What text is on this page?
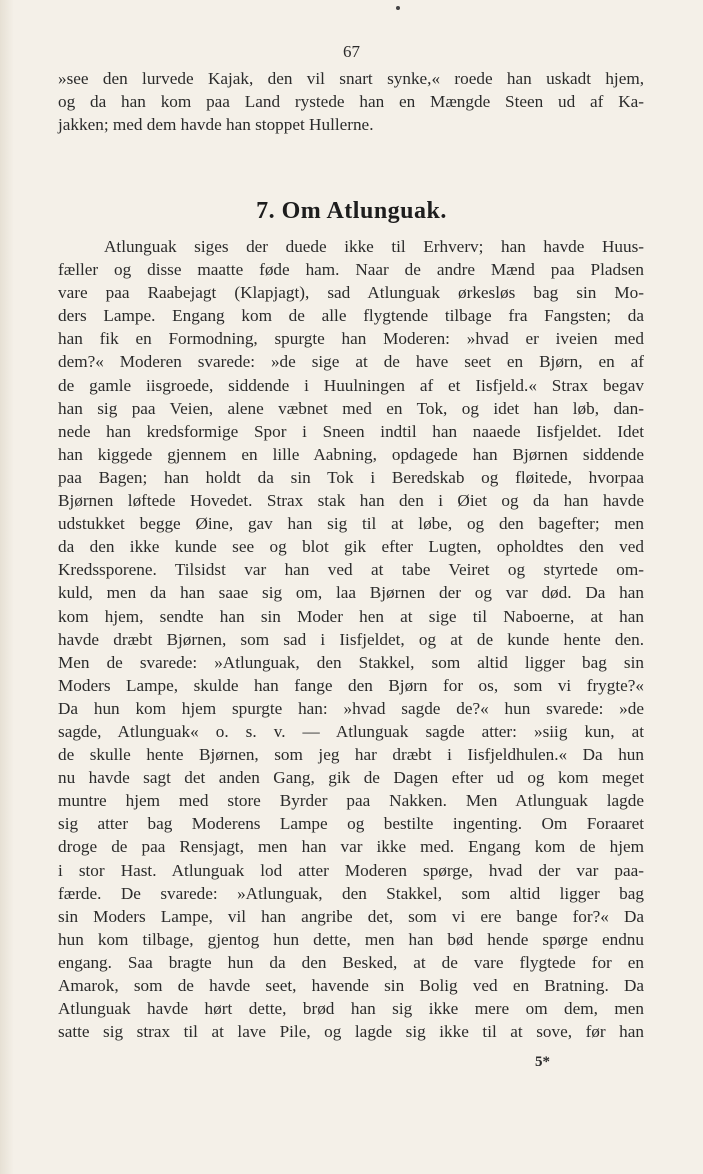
67
»see den lurvede Kajak, den vil snart synke,« roede han uskadt hjem,
og da han kom paa Land rystede han en Mængde Steen ud af Ka-
jakken; med dem havde han stoppet Hullerne.
7. Om Atlunguak.
Atlunguak siges der duede ikke til Erhverv; han havde Huus-
fæller og disse maatte føde ham. Naar de andre Mænd paa Pladsen
vare paa Raabejagt (Klapjagt), sad Atlunguak ørkesløs bag sin Mo-
ders Lampe. Engang kom de alle flygtende tilbage fra Fangsten; da
han fik en Formodning, spurgte han Moderen: »hvad er iveien med
dem?« Moderen svarede: »de sige at de have seet en Bjørn, en af
de gamle iisgroede, siddende i Huulningen af et Iisfjeld.« Strax begav
han sig paa Veien, alene væbnet med en Tok, og idet han løb, dan-
nede han kredsformige Spor i Sneen indtil han naaede Iisfjeldet. Idet
han kiggede gjennem en lille Aabning, opdagede han Bjørnen siddende
paa Bagen; han holdt da sin Tok i Beredskab og fløitede, hvorpaa
Bjørnen løftede Hovedet. Strax stak han den i Øiet og da han havde
udstukket begge Øine, gav han sig til at løbe, og den bagefter; men
da den ikke kunde see og blot gik efter Lugten, opholdtes den ved
Kredssporene. Tilsidst var han ved at tabe Veiret og styrtede om-
kuld, men da han saae sig om, laa Bjørnen der og var død. Da han
kom hjem, sendte han sin Moder hen at sige til Naboerne, at han
havde dræbt Bjørnen, som sad i Iisfjeldet, og at de kunde hente den.
Men de svarede: »Atlunguak, den Stakkel, som altid ligger bag sin
Moders Lampe, skulde han fange den Bjørn for os, som vi frygte?«
Da hun kom hjem spurgte han: »hvad sagde de?« hun svarede: »de
sagde, Atlunguak« o. s. v. — Atlunguak sagde atter: »siig kun, at
de skulle hente Bjørnen, som jeg har dræbt i Iisfjeldhulen.« Da hun
nu havde sagt det anden Gang, gik de Dagen efter ud og kom meget
muntre hjem med store Byrder paa Nakken. Men Atlunguak lagde
sig atter bag Moderens Lampe og bestilte ingenting. Om Foraaret
droge de paa Rensjagt, men han var ikke med. Engang kom de hjem
i stor Hast. Atlunguak lod atter Moderen spørge, hvad der var paa-
færde. De svarede: »Atlunguak, den Stakkel, som altid ligger bag
sin Moders Lampe, vil han angribe det, som vi ere bange for?« Da
hun kom tilbage, gjentog hun dette, men han bød hende spørge endnu
engang. Saa bragte hun da den Besked, at de vare flygtede for en
Amarok, som de havde seet, havende sin Bolig ved en Bratning. Da
Atlunguak havde hørt dette, brød han sig ikke mere om dem, men
satte sig strax til at lave Pile, og lagde sig ikke til at sove, før han
5*
